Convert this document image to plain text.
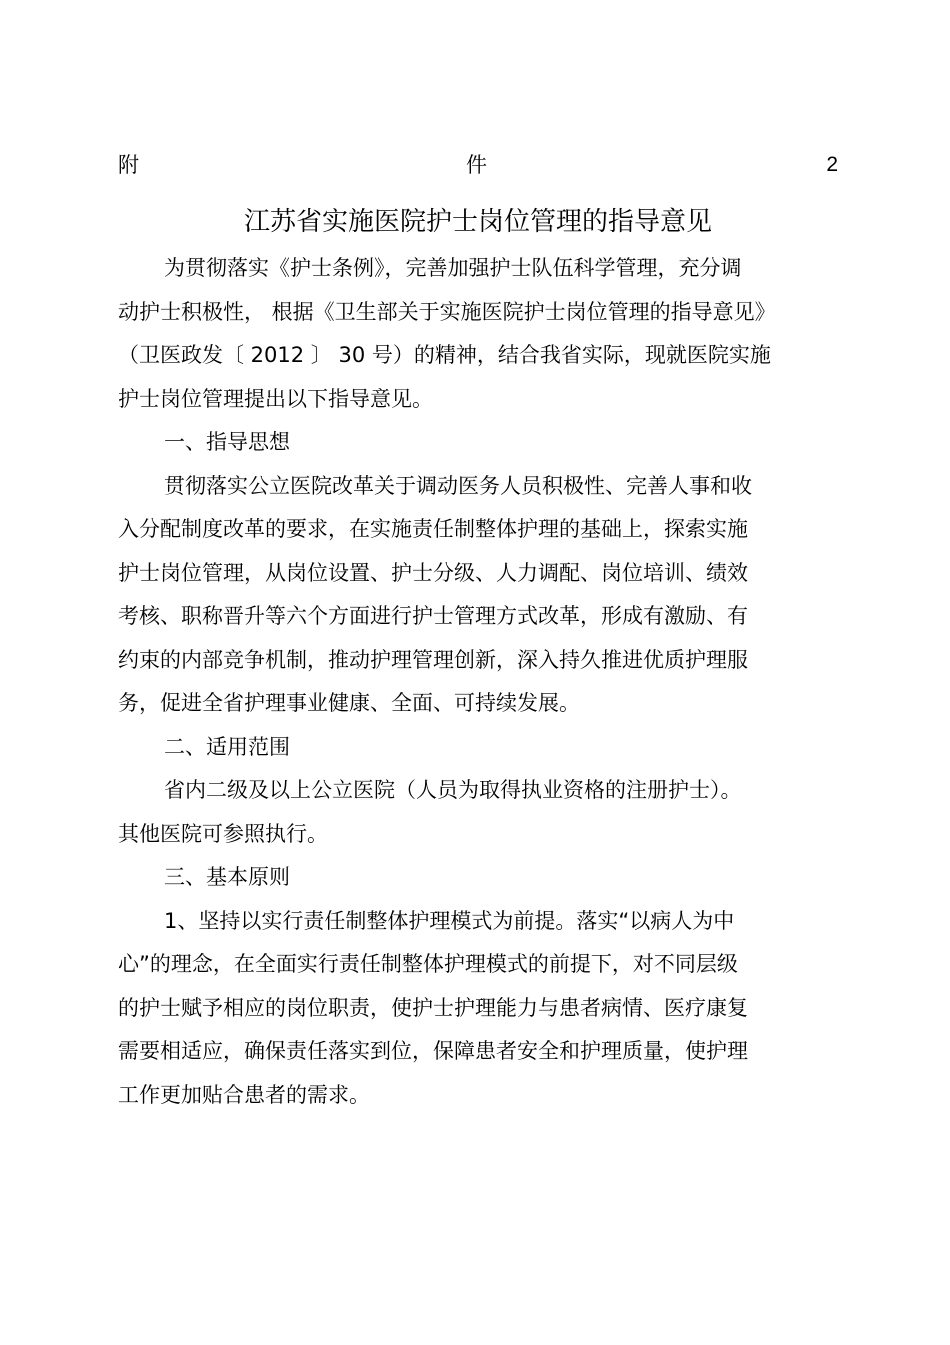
附	件	2
江苏省实施医院护士岗位管理的指导意见
为贯彻落实《护士条例》，完善加强护士队伍科学管理，充分调
动护士积极性， 根据《卫生部关于实施医院护士岗位管理的指导意见》
（卫医政发〔 2012 〕 30 号）的精神，结合我省实际，现就医院实施
护士岗位管理提出以下指导意见。
一、指导思想
贯彻落实公立医院改革关于调动医务人员积极性、完善人事和收
入分配制度改革的要求，在实施责任制整体护理的基础上，探索实施
护士岗位管理，从岗位设置、护士分级、人力调配、岗位培训、绩效
考核、职称晋升等六个方面进行护士管理方式改革，形成有激励、有
约束的内部竞争机制，推动护理管理创新，深入持久推进优质护理服
务，促进全省护理事业健康、全面、可持续发展。
二、适用范围
省内二级及以上公立医院（人员为取得执业资格的注册护士）。
其他医院可参照执行。
三、基本原则
1、坚持以实行责任制整体护理模式为前提。落实“以病人为中
心”的理念，在全面实行责任制整体护理模式的前提下，对不同层级
的护士赋予相应的岗位职责，使护士护理能力与患者病情、医疗康复
需要相适应，确保责任落实到位，保障患者安全和护理质量，使护理
工作更加贴合患者的需求。
